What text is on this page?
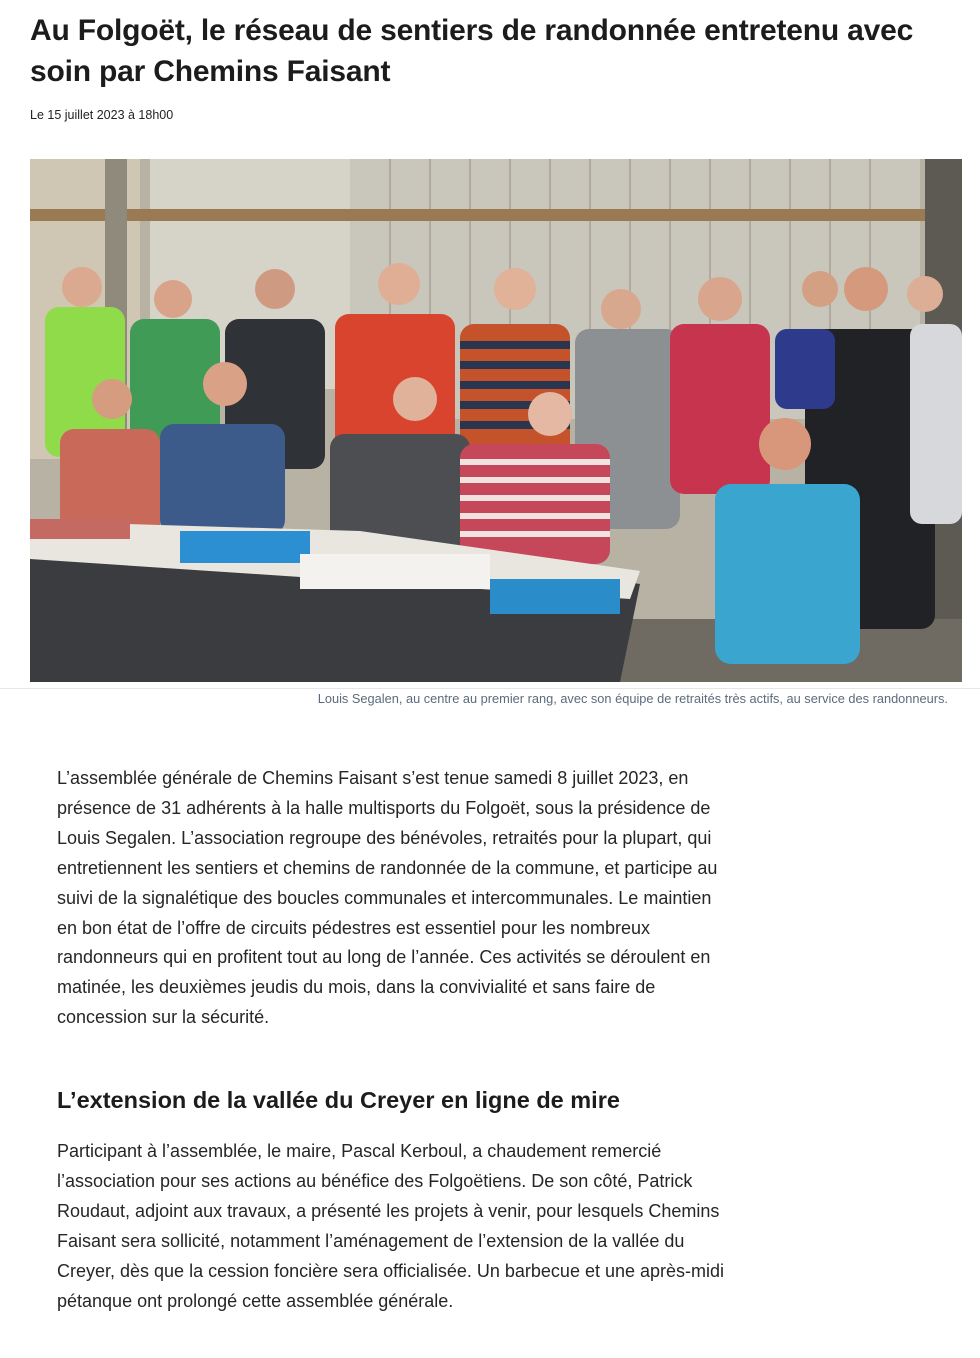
Au Folgoët, le réseau de sentiers de randonnée entretenu avec soin par Chemins Faisant
Le 15 juillet 2023 à 18h00
Louis Segalen, au centre au premier rang, avec son équipe de retraités très actifs, au service des randonneurs.

L’assemblée générale de Chemins Faisant s’est tenue samedi 8 juillet 2023, en présence de 31 adhérents à la halle multisports du Folgoët, sous la présidence de Louis Segalen. L’association regroupe des bénévoles, retraités pour la plupart, qui entretiennent les sentiers et chemins de randonnée de la commune, et participe au suivi de la signalétique des boucles communales et intercommunales. Le maintien en bon état de l’offre de circuits pédestres est essentiel pour les nombreux randonneurs qui en profitent tout au long de l’année. Ces activités se déroulent en matinée, les deuxièmes jeudis du mois, dans la convivialité et sans faire de concession sur la sécurité.

L’extension de la vallée du Creyer en ligne de mire

Participant à l’assemblée, le maire, Pascal Kerboul, a chaudement remercié l’association pour ses actions au bénéfice des Folgoëtiens. De son côté, Patrick Roudaut, adjoint aux travaux, a présenté les projets à venir, pour lesquels Chemins Faisant sera sollicité, notamment l’aménagement de l’extension de la vallée du Creyer, dès que la cession foncière sera officialisée. Un barbecue et une après-midi pétanque ont prolongé cette assemblée générale.
